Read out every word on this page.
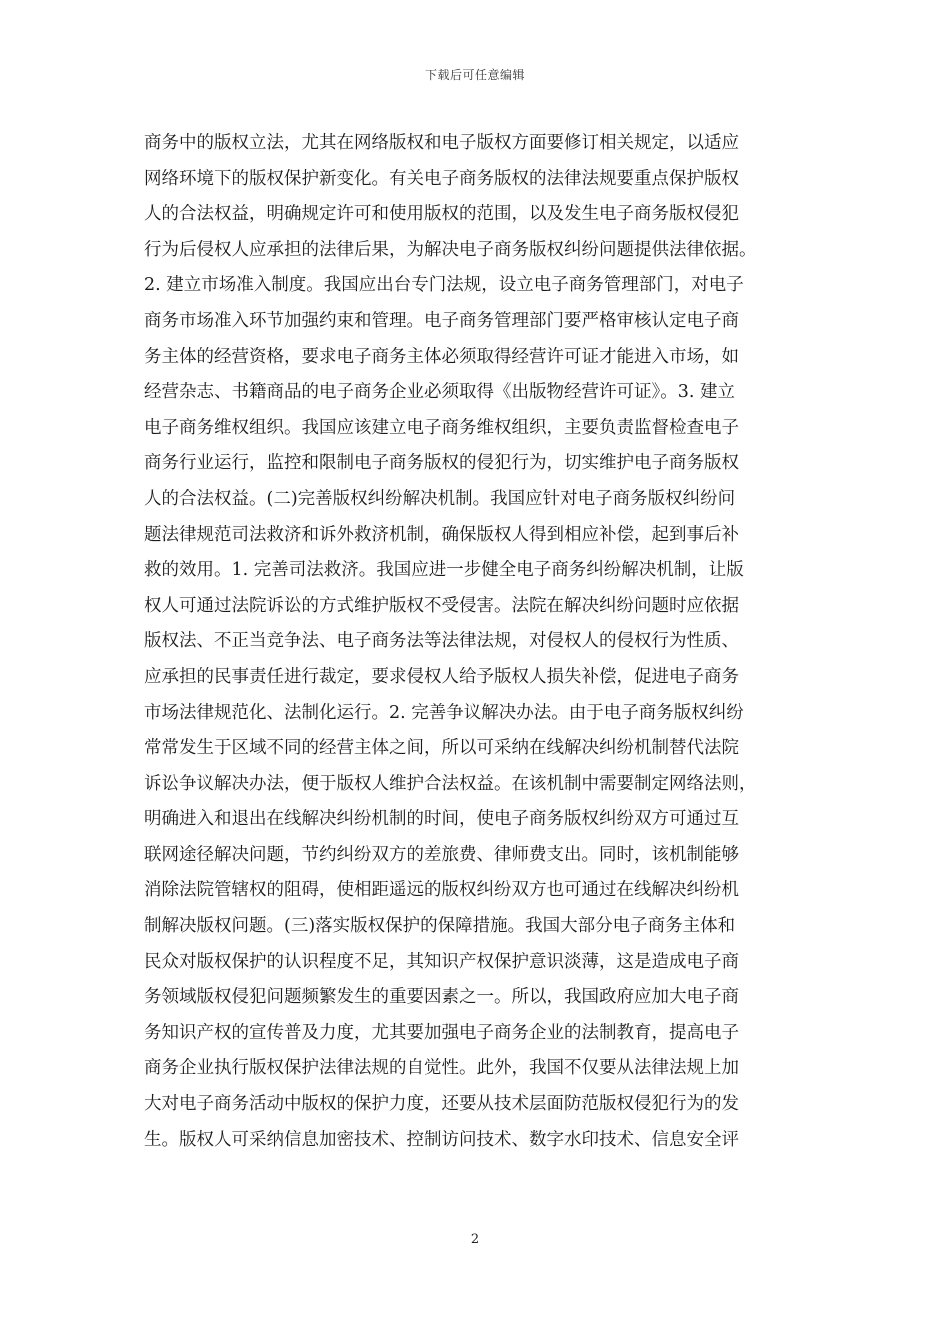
下载后可任意编辑
商务中的版权立法，尤其在网络版权和电子版权方面要修订相关规定，以适应
网络环境下的版权保护新变化。有关电子商务版权的法律法规要重点保护版权
人的合法权益，明确规定许可和使用版权的范围，以及发生电子商务版权侵犯
行为后侵权人应承担的法律后果，为解决电子商务版权纠纷问题提供法律依据。
2. 建立市场准入制度。我国应出台专门法规，设立电子商务管理部门，对电子
商务市场准入环节加强约束和管理。电子商务管理部门要严格审核认定电子商
务主体的经营资格，要求电子商务主体必须取得经营许可证才能进入市场，如
经营杂志、书籍商品的电子商务企业必须取得《出版物经营许可证》。3. 建立
电子商务维权组织。我国应该建立电子商务维权组织，主要负责监督检查电子
商务行业运行，监控和限制电子商务版权的侵犯行为，切实维护电子商务版权
人的合法权益。(二)完善版权纠纷解决机制。我国应针对电子商务版权纠纷问
题法律规范司法救济和诉外救济机制，确保版权人得到相应补偿，起到事后补
救的效用。1. 完善司法救济。我国应进一步健全电子商务纠纷解决机制，让版
权人可通过法院诉讼的方式维护版权不受侵害。法院在解决纠纷问题时应依据
版权法、不正当竞争法、电子商务法等法律法规，对侵权人的侵权行为性质、
应承担的民事责任进行裁定，要求侵权人给予版权人损失补偿，促进电子商务
市场法律规范化、法制化运行。2. 完善争议解决办法。由于电子商务版权纠纷
常常发生于区域不同的经营主体之间，所以可采纳在线解决纠纷机制替代法院
诉讼争议解决办法，便于版权人维护合法权益。在该机制中需要制定网络法则，
明确进入和退出在线解决纠纷机制的时间，使电子商务版权纠纷双方可通过互
联网途径解决问题，节约纠纷双方的差旅费、律师费支出。同时，该机制能够
消除法院管辖权的阻碍，使相距遥远的版权纠纷双方也可通过在线解决纠纷机
制解决版权问题。(三)落实版权保护的保障措施。我国大部分电子商务主体和
民众对版权保护的认识程度不足，其知识产权保护意识淡薄，这是造成电子商
务领域版权侵犯问题频繁发生的重要因素之一。所以，我国政府应加大电子商
务知识产权的宣传普及力度，尤其要加强电子商务企业的法制教育，提高电子
商务企业执行版权保护法律法规的自觉性。此外，我国不仅要从法律法规上加
大对电子商务活动中版权的保护力度，还要从技术层面防范版权侵犯行为的发
生。版权人可采纳信息加密技术、控制访问技术、数字水印技术、信息安全评
2
